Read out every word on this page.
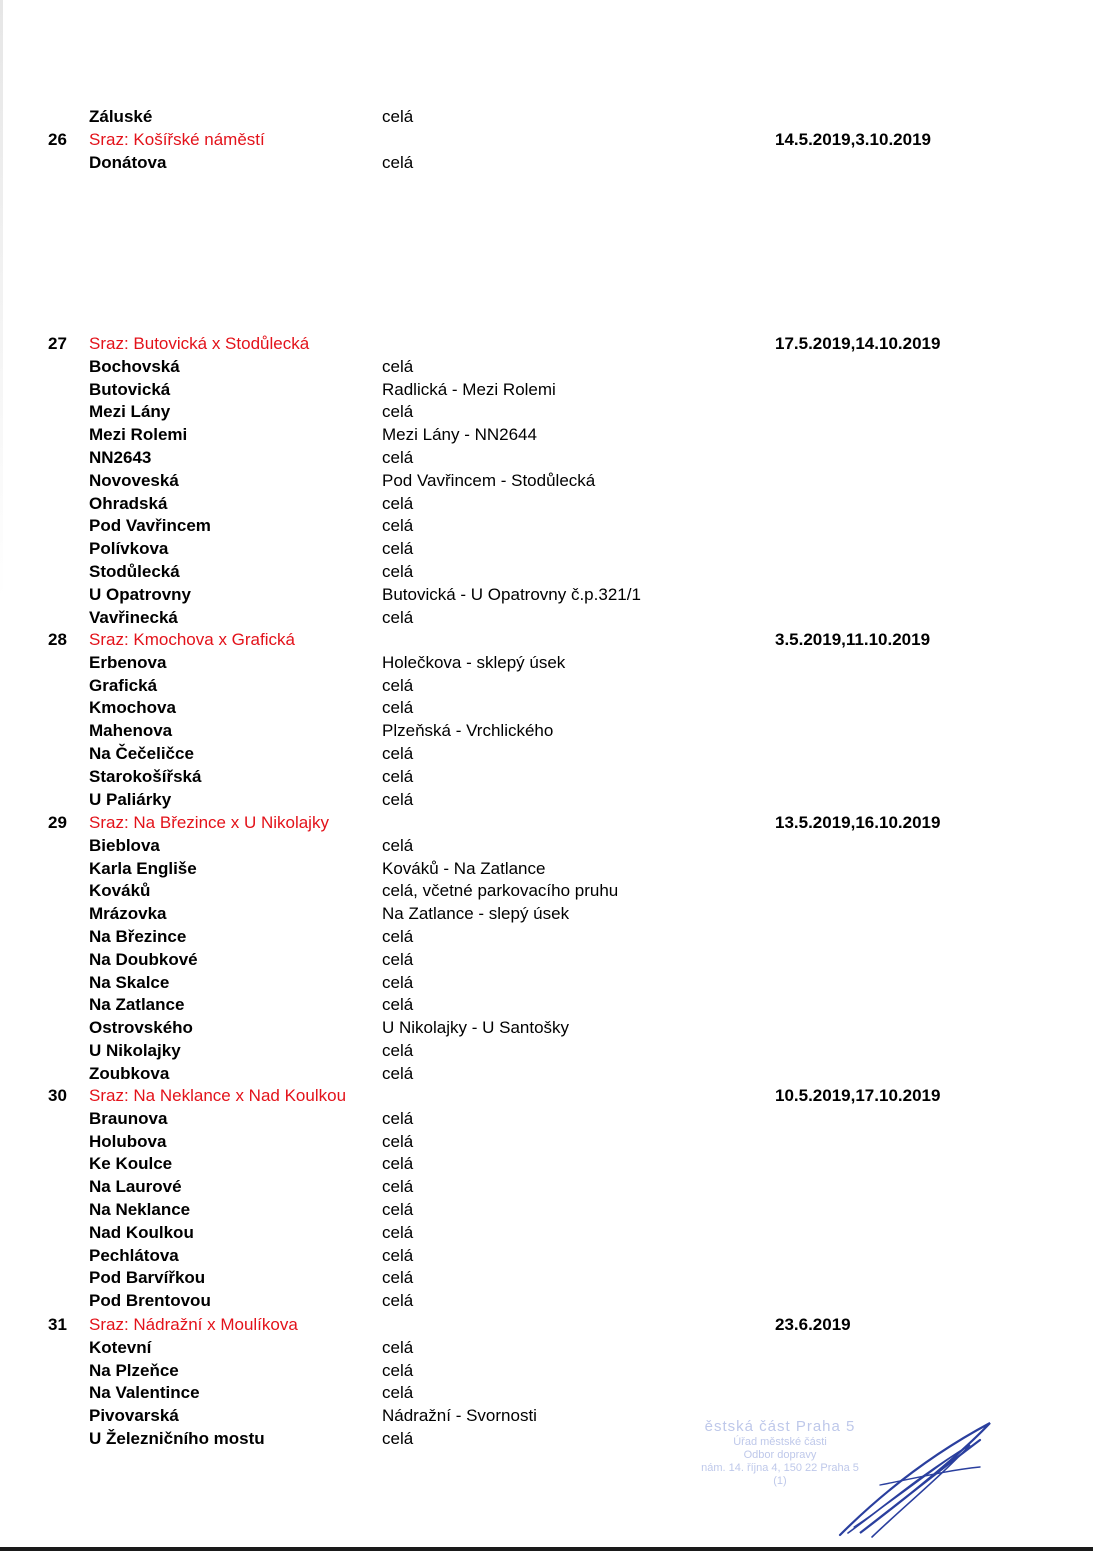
Záluské	celá
26 Sraz: Košířské náměstí	14.5.2019,3.10.2019
Donátova	celá
27 Sraz: Butovická x Stodůlecká	17.5.2019,14.10.2019
Bochovská	celá
Butovická	Radlická - Mezi Rolemi
Mezi Lány	celá
Mezi Rolemi	Mezi Lány - NN2644
NN2643	celá
Novoveská	Pod Vavřincem - Stodůlecká
Ohradská	celá
Pod Vavřincem	celá
Polívkova	celá
Stodůlecká	celá
U Opatrovny	Butovická - U Opatrovny č.p.321/1
Vavřinecká	celá
28 Sraz: Kmochova x Grafická	3.5.2019,11.10.2019
Erbenova	Holečkova - sklepý úsek
Grafická	celá
Kmochova	celá
Mahenova	Plzeňská - Vrchlického
Na Čečeličce	celá
Starokošířská	celá
U Paliárky	celá
29 Sraz: Na Březince x U Nikolajky	13.5.2019,16.10.2019
Bieblova	celá
Karla Engliše	Kováků - Na Zatlance
Kováků	celá, včetné parkovacího pruhu
Mrázovka	Na Zatlance - slepý úsek
Na Březince	celá
Na Doubkové	celá
Na Skalce	celá
Na Zatlance	celá
Ostrovského	U Nikolajky - U Santošky
U Nikolajky	celá
Zoubkova	celá
30 Sraz: Na Neklance x Nad Koulkou	10.5.2019,17.10.2019
Braunova	celá
Holubova	celá
Ke Koulce	celá
Na Laurové	celá
Na Neklance	celá
Nad Koulkou	celá
Pechlátova	celá
Pod Barvířkou	celá
Pod Brentovou	celá
31 Sraz: Nádražní x Moulíkova	23.6.2019
Kotevní	celá
Na Plzeňce	celá
Na Valentince	celá
Pivovarská	Nádražní - Svornosti
U Železničního mostu	celá
ěstská část Praha 5
Úřad městské části
Odbor dopravy
nám. 14. října 4, 150 22 Praha 5
(1)
